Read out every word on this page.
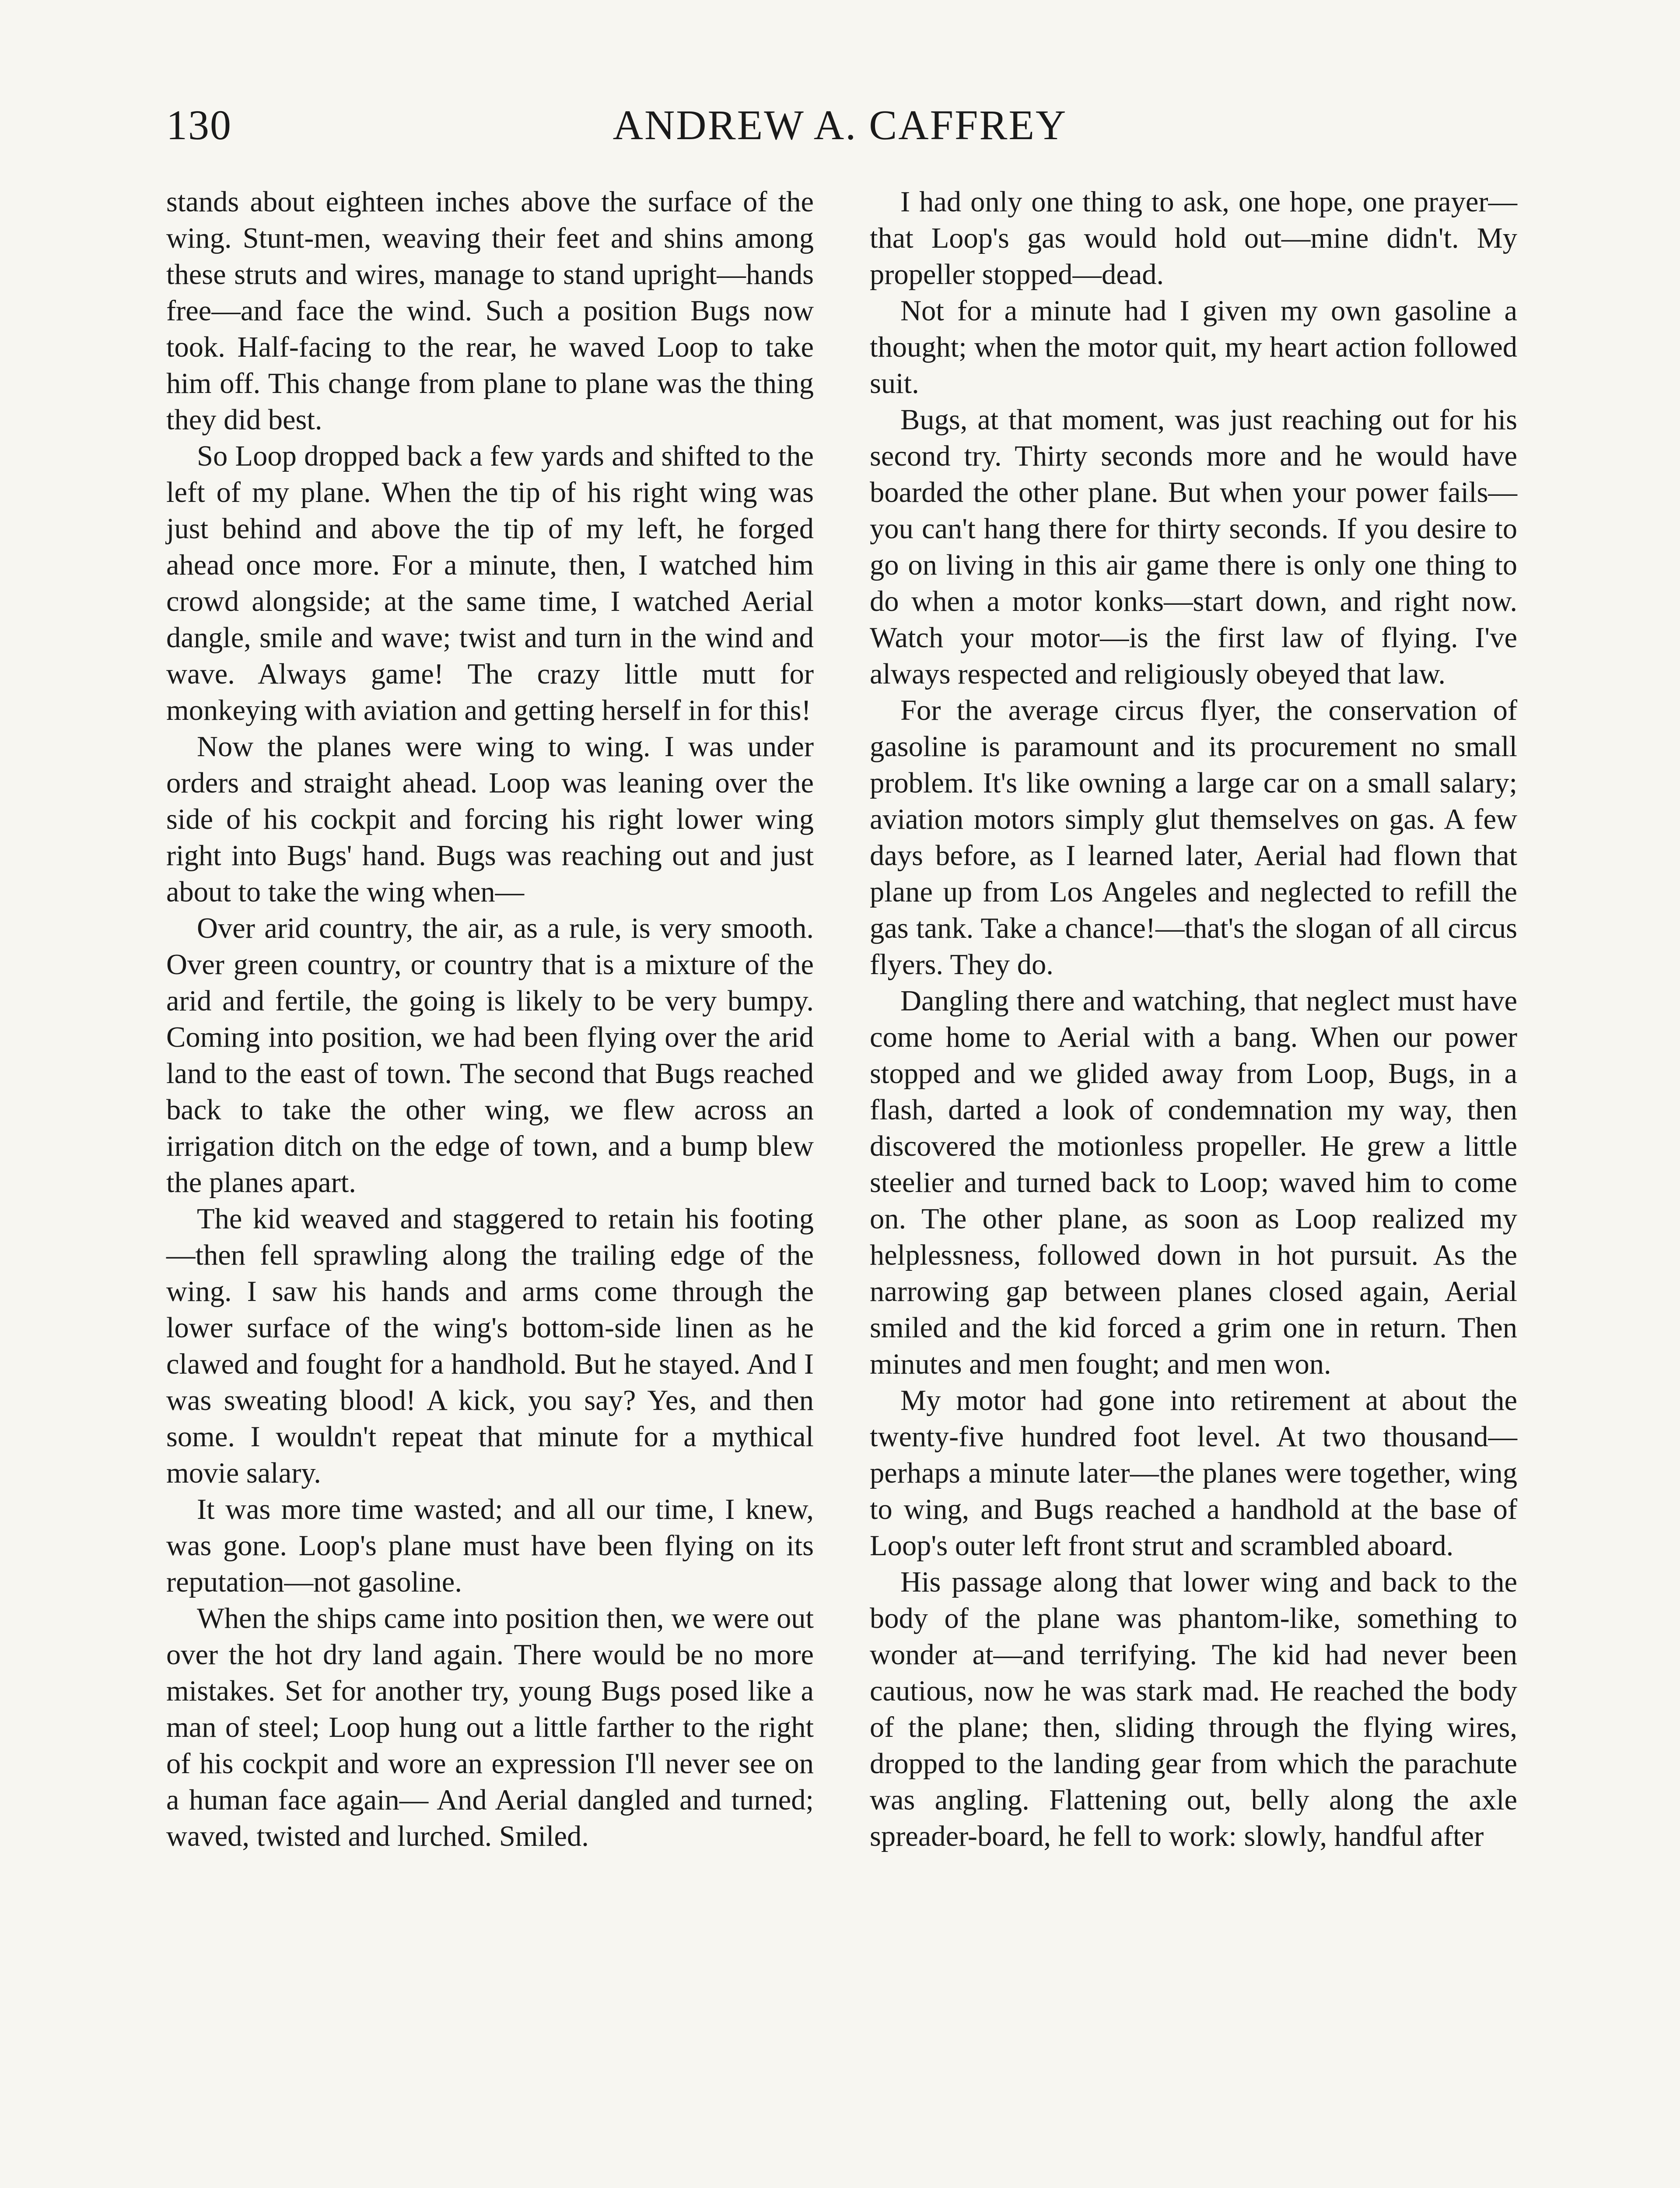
130	ANDREW A. CAFFREY

stands about eighteen inches above the surface of the wing. Stunt-men, weaving their feet and shins among these struts and wires, manage to stand upright—hands free—and face the wind. Such a position Bugs now took. Half-facing to the rear, he waved Loop to take him off. This change from plane to plane was the thing they did best.

So Loop dropped back a few yards and shifted to the left of my plane. When the tip of his right wing was just behind and above the tip of my left, he forged ahead once more. For a minute, then, I watched him crowd alongside; at the same time, I watched Aerial dangle, smile and wave; twist and turn in the wind and wave. Always game! The crazy little mutt for monkeying with aviation and getting herself in for this!

Now the planes were wing to wing. I was under orders and straight ahead. Loop was leaning over the side of his cockpit and forcing his right lower wing right into Bugs' hand. Bugs was reaching out and just about to take the wing when—

Over arid country, the air, as a rule, is very smooth. Over green country, or country that is a mixture of the arid and fertile, the going is likely to be very bumpy. Coming into position, we had been flying over the arid land to the east of town. The second that Bugs reached back to take the other wing, we flew across an irrigation ditch on the edge of town, and a bump blew the planes apart.

The kid weaved and staggered to retain his footing—then fell sprawling along the trailing edge of the wing. I saw his hands and arms come through the lower surface of the wing's bottom-side linen as he clawed and fought for a handhold. But he stayed. And I was sweating blood! A kick, you say? Yes, and then some. I wouldn't repeat that minute for a mythical movie salary.

It was more time wasted; and all our time, I knew, was gone. Loop's plane must have been flying on its reputation—not gasoline.

When the ships came into position then, we were out over the hot dry land again. There would be no more mistakes. Set for another try, young Bugs posed like a man of steel; Loop hung out a little farther to the right of his cockpit and wore an expression I'll never see on a human face again— And Aerial dangled and turned; waved, twisted and lurched. Smiled.

I had only one thing to ask, one hope, one prayer—that Loop's gas would hold out—mine didn't. My propeller stopped—dead.

Not for a minute had I given my own gasoline a thought; when the motor quit, my heart action followed suit.

Bugs, at that moment, was just reaching out for his second try. Thirty seconds more and he would have boarded the other plane. But when your power fails—you can't hang there for thirty seconds. If you desire to go on living in this air game there is only one thing to do when a motor konks—start down, and right now. Watch your motor—is the first law of flying. I've always respected and religiously obeyed that law.

For the average circus flyer, the conservation of gasoline is paramount and its procurement no small problem. It's like owning a large car on a small salary; aviation motors simply glut themselves on gas. A few days before, as I learned later, Aerial had flown that plane up from Los Angeles and neglected to refill the gas tank. Take a chance!—that's the slogan of all circus flyers. They do.

Dangling there and watching, that neglect must have come home to Aerial with a bang. When our power stopped and we glided away from Loop, Bugs, in a flash, darted a look of condemnation my way, then discovered the motionless propeller. He grew a little steelier and turned back to Loop; waved him to come on. The other plane, as soon as Loop realized my helplessness, followed down in hot pursuit. As the narrowing gap between planes closed again, Aerial smiled and the kid forced a grim one in return. Then minutes and men fought; and men won.

My motor had gone into retirement at about the twenty-five hundred foot level. At two thousand—perhaps a minute later—the planes were together, wing to wing, and Bugs reached a handhold at the base of Loop's outer left front strut and scrambled aboard.

His passage along that lower wing and back to the body of the plane was phantom-like, something to wonder at—and terrifying. The kid had never been cautious, now he was stark mad. He reached the body of the plane; then, sliding through the flying wires, dropped to the landing gear from which the parachute was angling. Flattening out, belly along the axle spreader-board, he fell to work: slowly, handful after
